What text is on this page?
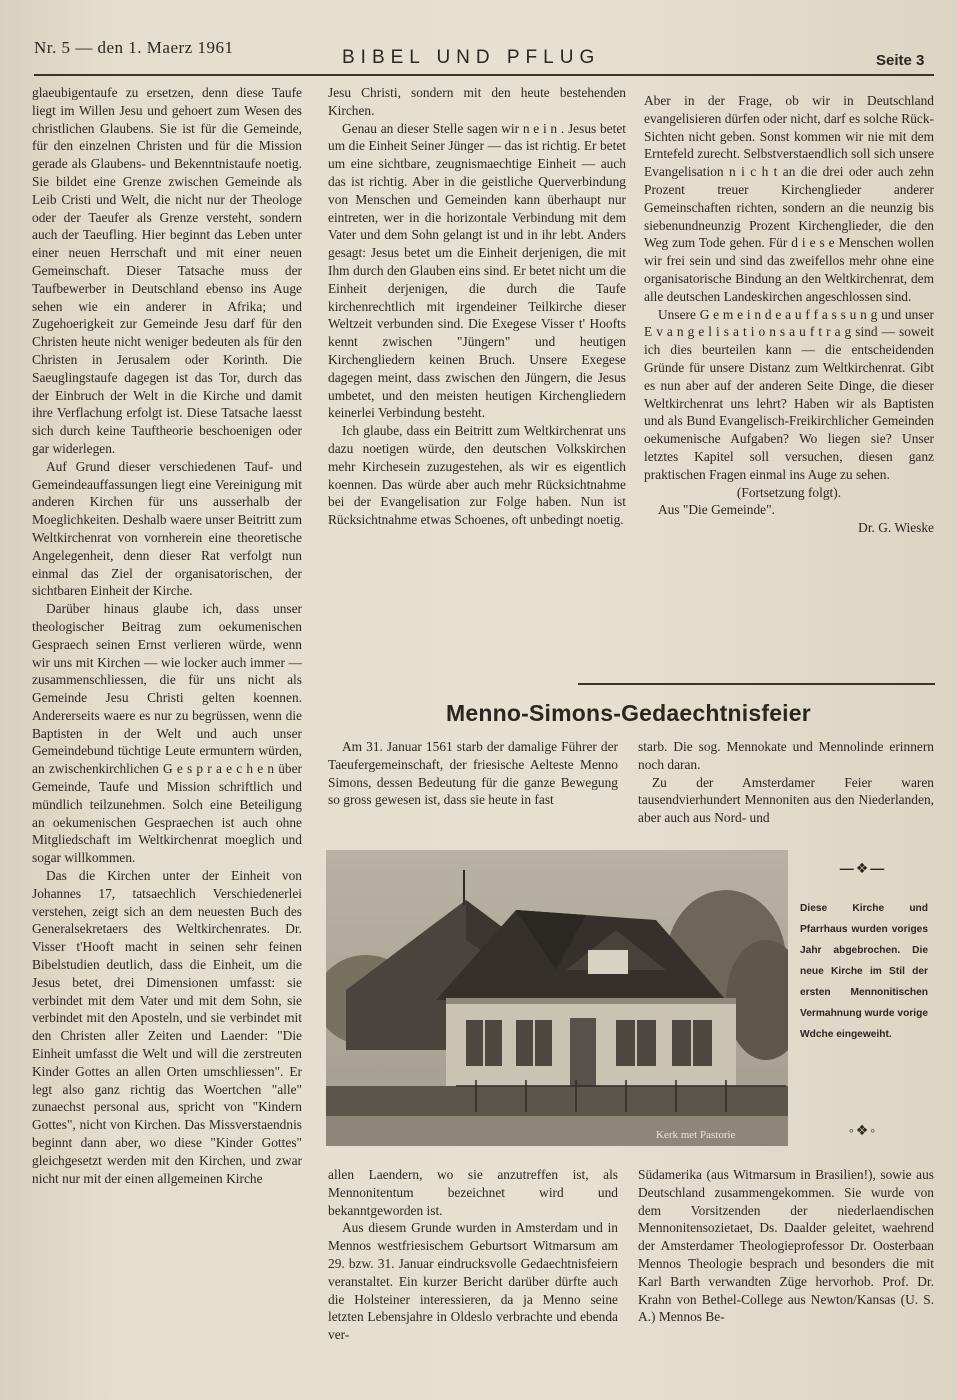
Nr. 5 — den 1. Maerz 1961	BIBEL UND PFLUG	Seite 3

glaeubigentaufe zu ersetzen, denn diese Taufe liegt im Willen Jesu und gehoert zum Wesen des christlichen Glaubens. Sie ist für die Gemeinde, für den einzelnen Christen und für die Mission gerade als Glaubens- und Bekenntnistaufe noetig. Sie bildet eine Grenze zwischen Gemeinde als Leib Cristi und Welt, die nicht nur der Theologe oder der Taeufer als Grenze versteht, sondern auch der Taeufling. Hier beginnt das Leben unter einer neuen Herrschaft und mit einer neuen Gemeinschaft. Dieser Tatsache muss der Taufbewerber in Deutschland ebenso ins Auge sehen wie ein anderer in Afrika; und Zugehoerigkeit zur Gemeinde Jesu darf für den Christen heute nicht weniger bedeuten als für den Christen in Jerusalem oder Korinth. Die Saeuglingstaufe dagegen ist das Tor, durch das der Einbruch der Welt in die Kirche und damit ihre Verflachung erfolgt ist. Diese Tatsache laesst sich durch keine Tauftheorie beschoenigen oder gar widerlegen.

Auf Grund dieser verschiedenen Tauf- und Gemeindeauffassungen liegt eine Vereinigung mit anderen Kirchen für uns ausserhalb der Moeglichkeiten. Deshalb waere unser Beitritt zum Weltkirchenrat von vornherein eine theoretische Angelegenheit, denn dieser Rat verfolgt nun einmal das Ziel der organisatorischen, der sichtbaren Einheit der Kirche.

Darüber hinaus glaube ich, dass unser theologischer Beitrag zum oekumenischen Gespraech seinen Ernst verlieren würde, wenn wir uns mit Kirchen — wie locker auch immer — zusammenschliessen, die für uns nicht als Gemeinde Jesu Christi gelten koennen. Andererseits waere es nur zu begrüssen, wenn die Baptisten in der Welt und auch unser Gemeindebund tüchtige Leute ermuntern würden, an zwischenkirchlichen G e s p r a e c h e n über Gemeinde, Taufe und Mission schriftlich und mündlich teilzunehmen. Solch eine Beteiligung an oekumenischen Gespraechen ist auch ohne Mitgliedschaft im Weltkirchenrat moeglich und sogar willkommen.

Das die Kirchen unter der Einheit von Johannes 17, tatsaechlich Verschiedenerlei verstehen, zeigt sich an dem neuesten Buch des Generalsekretaers des Weltkirchenrates. Dr. Visser t'Hooft macht in seinen sehr feinen Bibelstudien deutlich, dass die Einheit, um die Jesus betet, drei Dimensionen umfasst: sie verbindet mit dem Vater und mit dem Sohn, sie verbindet mit den Aposteln, und sie verbindet mit den Christen aller Zeiten und Laender: "Die Einheit umfasst die Welt und will die zerstreuten Kinder Gottes an allen Orten umschliessen". Er legt also ganz richtig das Woertchen "alle" zunaechst personal aus, spricht von "Kindern Gottes", nicht von Kirchen. Das Missverstaendnis beginnt dann aber, wo diese "Kinder Gottes" gleichgesetzt werden mit den Kirchen, und zwar nicht nur mit der einen allgemeinen Kirche

Jesu Christi, sondern mit den heute bestehenden Kirchen.

Genau an dieser Stelle sagen wir n e i n . Jesus betet um die Einheit Seiner Jünger — das ist richtig. Er betet um eine sichtbare, zeugnismaechtige Einheit — auch das ist richtig. Aber in die geistliche Querverbindung von Menschen und Gemeinden kann überhaupt nur eintreten, wer in die horizontale Verbindung mit dem Vater und dem Sohn gelangt ist und in ihr lebt. Anders gesagt: Jesus betet um die Einheit derjenigen, die mit Ihm durch den Glauben eins sind. Er betet nicht um die Einheit derjenigen, die durch die Taufe kirchenrechtlich mit irgendeiner Teilkirche dieser Weltzeit verbunden sind. Die Exegese Visser t' Hoofts kennt zwischen "Jüngern" und heutigen Kirchengliedern keinen Bruch. Unsere Exegese dagegen meint, dass zwischen den Jüngern, die Jesus umbetet, und den meisten heutigen Kirchengliedern keinerlei Verbindung besteht.

Ich glaube, dass ein Beitritt zum Weltkirchenrat uns dazu noetigen würde, den deutschen Volkskirchen mehr Kirchesein zuzugestehen, als wir es eigentlich koennen. Das würde aber auch mehr Rücksichtnahme bei der Evangelisation zur Folge haben. Nun ist Rücksichtnahme etwas Schoenes, oft unbedingt noetig.

Aber in der Frage, ob wir in Deutschland evangelisieren dürfen oder nicht, darf es solche Rück-Sichten nicht geben. Sonst kommen wir nie mit dem Erntefeld zurecht. Selbstverstaendlich soll sich unsere Evangelisation n i c h t an die drei oder auch zehn Prozent treuer Kirchenglieder anderer Gemeinschaften richten, sondern an die neunzig bis siebenundneunzig Prozent Kirchenglieder, die den Weg zum Tode gehen. Für d i e s e Menschen wollen wir frei sein und sind das zweifellos mehr ohne eine organisatorische Bindung an den Weltkirchenrat, dem alle deutschen Landeskirchen angeschlossen sind.

Unsere G e m e i n d e a u f f a s s u n g und unser E v a n g e l i s a t i o n s a u f t r a g sind — soweit ich dies beurteilen kann — die entscheidenden Gründe für unsere Distanz zum Weltkirchenrat. Gibt es nun aber auf der anderen Seite Dinge, die dieser Weltkirchenrat uns lehrt? Haben wir als Baptisten und als Bund Evangelisch-Freikirchlicher Gemeinden oekumenische Aufgaben? Wo liegen sie? Unser letztes Kapitel soll versuchen, diesen ganz praktischen Fragen einmal ins Auge zu sehen.

(Fortsetzung folgt).

Aus "Die Gemeinde".

Dr. G. Wieske

Menno-Simons-Gedaechtnisfeier

Am 31. Januar 1561 starb der damalige Führer der Taeufergemeinschaft, der friesische Aelteste Menno Simons, dessen Bedeutung für die ganze Bewegung so gross gewesen ist, dass sie heute in fast

starb. Die sog. Mennokate und Mennolinde erinnern noch daran.

Zu der Amsterdamer Feier waren tausendvierhundert Mennoniten aus den Niederlanden, aber auch aus Nord- und

Kerk met Pastorie
—❖—
Diese Kirche und Pfarrhaus wurden voriges Jahr abgebrochen. Die neue Kirche im Stil der ersten Mennonitischen Vermahnung wurde vorige Wdche eingeweiht.
◦❖◦

allen Laendern, wo sie anzutreffen ist, als Mennonitentum bezeichnet wird und bekanntgeworden ist.

Aus diesem Grunde wurden in Amsterdam und in Mennos westfriesischem Geburtsort Witmarsum am 29. bzw. 31. Januar eindrucksvolle Gedaechtnisfeiern veranstaltet. Ein kurzer Bericht darüber dürfte auch die Holsteiner interessieren, da ja Menno seine letzten Lebensjahre in Oldeslo verbrachte und ebenda ver-

Südamerika (aus Witmarsum in Brasilien!), sowie aus Deutschland zusammengekommen. Sie wurde von dem Vorsitzenden der niederlaendischen Mennonitensozietaet, Ds. Daalder geleitet, waehrend der Amsterdamer Theologieprofessor Dr. Oosterbaan Mennos Theologie besprach und besonders die mit Karl Barth verwandten Züge hervorhob. Prof. Dr. Krahn von Bethel-College aus Newton/Kansas (U. S. A.) Mennos Be-
